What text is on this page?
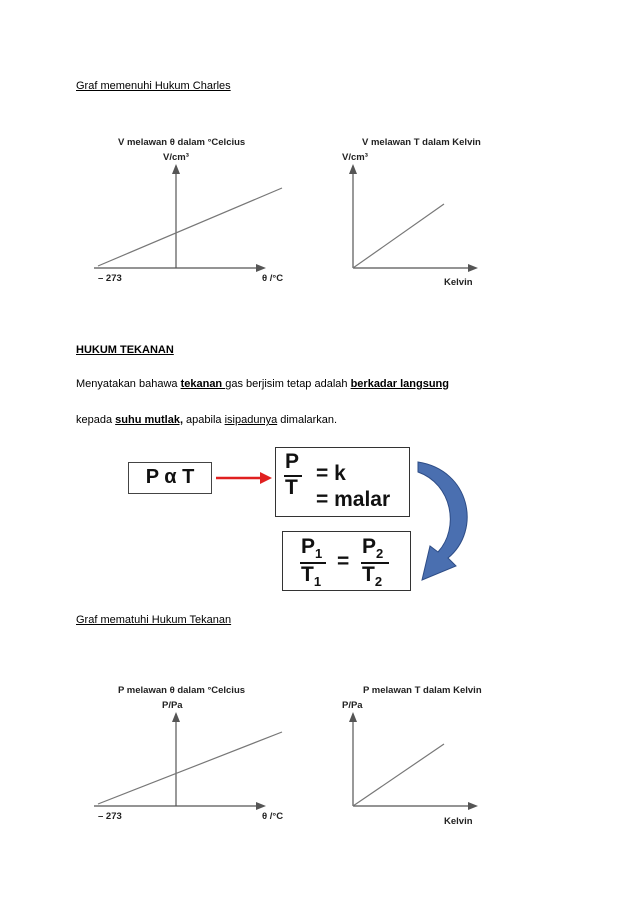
Graf memenuhi Hukum Charles
V melawan θ dalam °Celcius
V/cm³
– 273	θ /°C
V melawan T dalam Kelvin
V/cm³
Kelvin
HUKUM TEKANAN
Menyatakan bahawa tekanan gas berjisim tetap adalah berkadar langsung
kepada suhu mutlak, apabila isipadunya dimalarkan.
P α T
P
T
= k
= malar
$P_1$
$T_1$
=
$P_2$
$T_2$
Graf mematuhi Hukum Tekanan
P melawan θ dalam °Celcius
P/Pa
– 273	θ /°C
P melawan T dalam Kelvin
P/Pa
Kelvin
